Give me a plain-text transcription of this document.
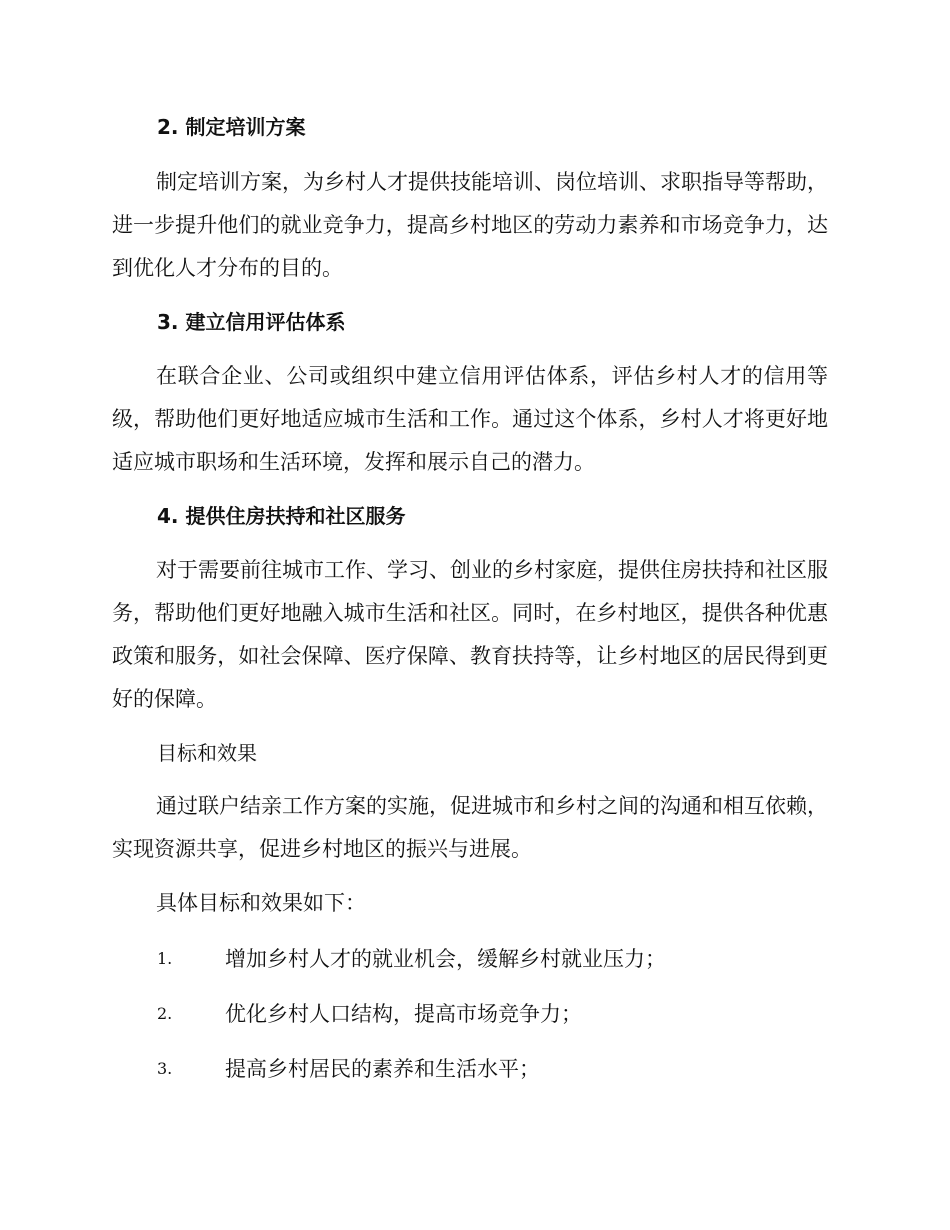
2. 制定培训方案
制定培训方案，为乡村人才提供技能培训、岗位培训、求职指导等帮助，进一步提升他们的就业竞争力，提高乡村地区的劳动力素养和市场竞争力，达到优化人才分布的目的。
3. 建立信用评估体系
在联合企业、公司或组织中建立信用评估体系，评估乡村人才的信用等级，帮助他们更好地适应城市生活和工作。通过这个体系，乡村人才将更好地适应城市职场和生活环境，发挥和展示自己的潜力。
4. 提供住房扶持和社区服务
对于需要前往城市工作、学习、创业的乡村家庭，提供住房扶持和社区服务，帮助他们更好地融入城市生活和社区。同时，在乡村地区，提供各种优惠政策和服务，如社会保障、医疗保障、教育扶持等，让乡村地区的居民得到更好的保障。
目标和效果
通过联户结亲工作方案的实施，促进城市和乡村之间的沟通和相互依赖，实现资源共享，促进乡村地区的振兴与进展。
具体目标和效果如下：
1.	增加乡村人才的就业机会，缓解乡村就业压力；
2.	优化乡村人口结构，提高市场竞争力；
3.	提高乡村居民的素养和生活水平；
